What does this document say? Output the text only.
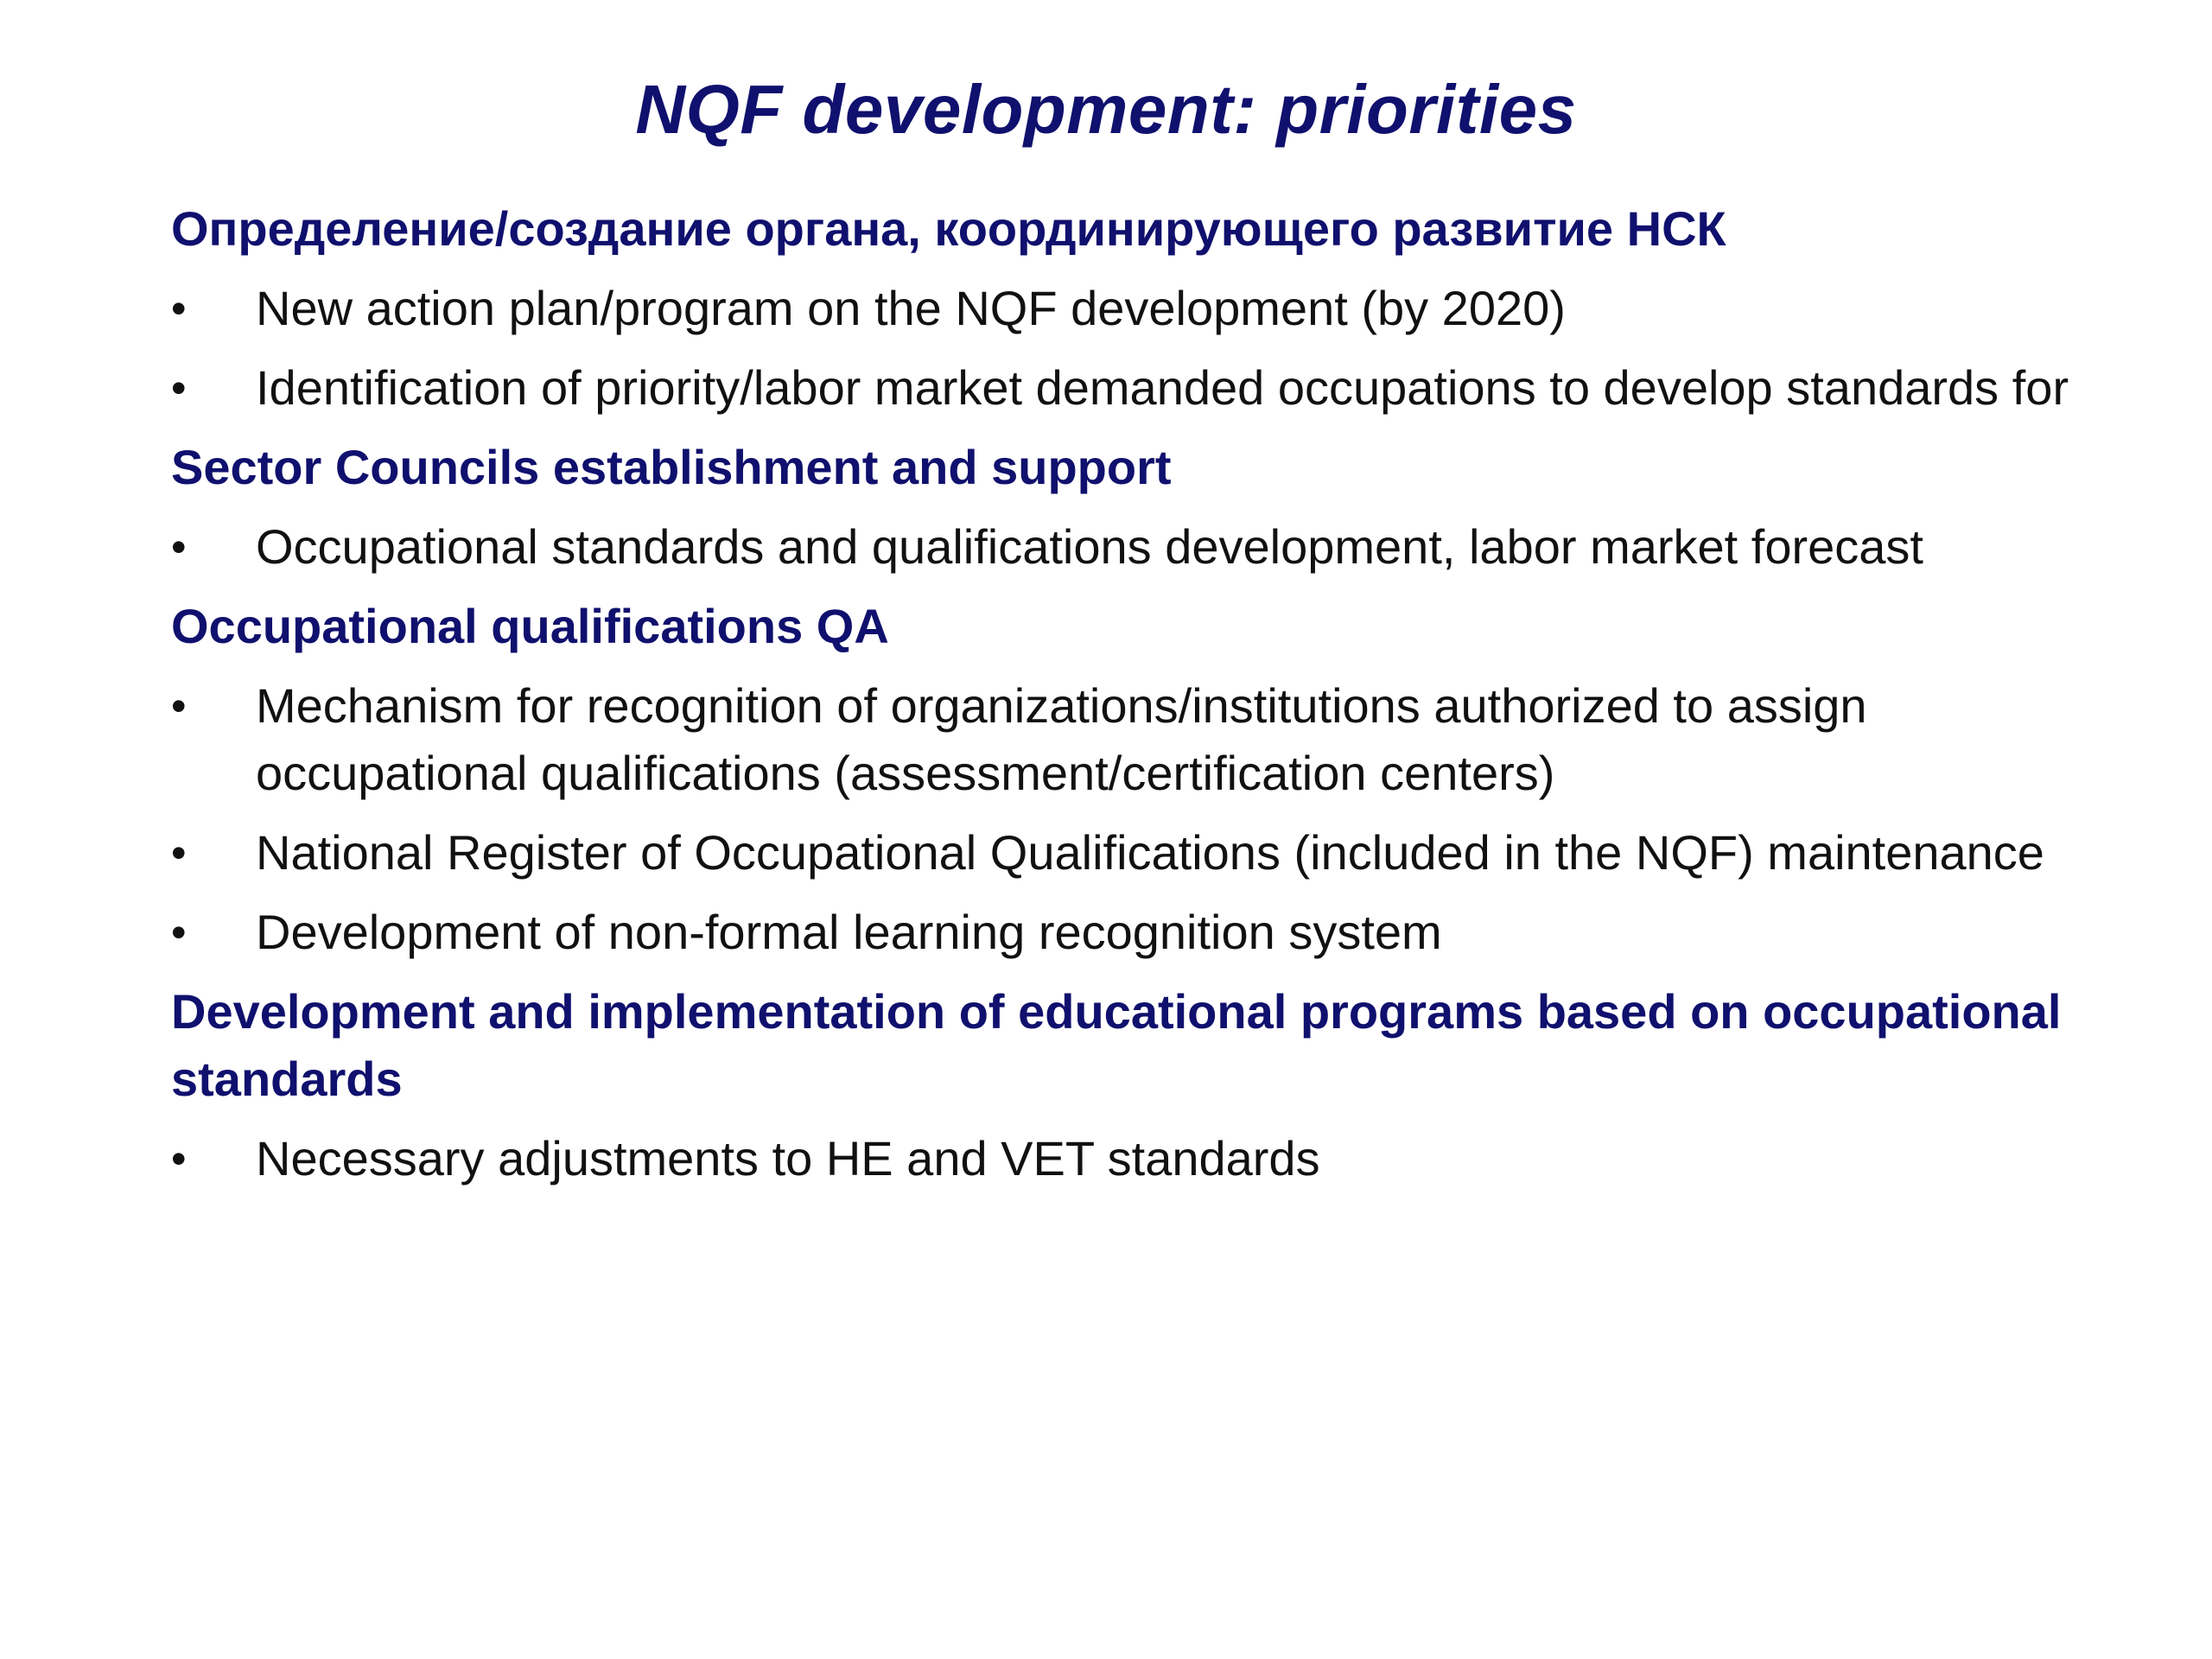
NQF development: priorities
Определение/создание органа, координирующего развитие НСК
•	New action plan/program on the NQF development (by 2020)
•	Identification of priority/labor market demanded occupations to develop standards for
Sector Councils establishment and support
•	Occupational standards and qualifications development, labor market forecast
Occupational qualifications QA
•	Mechanism for recognition of organizations/institutions authorized to assign occupational qualifications (assessment/certification centers)
•	National Register of Occupational Qualifications (included in the NQF) maintenance
•	Development of non-formal learning recognition system
Development and implementation of educational programs based on occupational standards
•	Necessary adjustments to HE and VET standards
